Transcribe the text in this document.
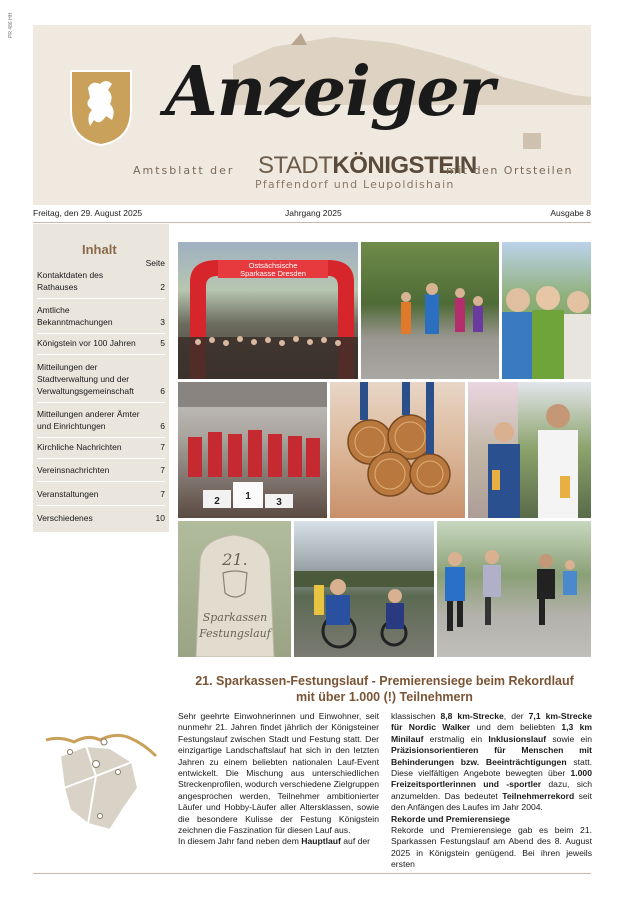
PR 486 HH
Anzeiger
Amtsblatt der STADTKÖNIGSTEIN
mit den Ortsteilen
Pfaffendorf und Leupoldishain
Freitag, den 29. August 2025	Jahrgang 2025	Ausgabe 8
Inhalt
Seite
Kontaktdaten des Rathauses	2
Amtliche Bekanntmachungen	3
Königstein vor 100 Jahren	5
Mitteilungen der Stadtverwaltung und der Verwaltungsgemeinschaft	6
Mitteilungen anderer Ämter und Einrichtungen	6
Kirchliche Nachrichten	7
Vereinsnachrichten	7
Veranstaltungen	7
Verschiedenes	10
Ostsächsische
Sparkasse Dresden
2	1
3
21.
Sparkassen
Festungslauf
21. Sparkassen-Festungslauf - Premierensiege beim Rekordlauf
mit über 1.000 (!) Teilnehmern

Sehr geehrte Einwohnerinnen und Einwohner, seit nunmehr 21. Jahren findet jährlich der Königsteiner Festungslauf zwischen Stadt und Festung statt. Der einzigartige Landschaftslauf hat sich in den letzten Jahren zu einem beliebten nationalen Lauf-Event entwickelt. Die Mischung aus unterschiedlichen Streckenprofilen, wodurch verschiedene Zielgruppen angesprochen werden, Teilnehmer ambitionierter Läufer und Hobby-Läufer aller Altersklassen, sowie die besondere Kulisse der Festung Königstein zeichnen die Faszination für diesen Lauf aus.

In diesem Jahr fand neben dem Hauptlauf auf der

klassischen 8,8 km-Strecke, der 7,1 km-Strecke für Nordic Walker und dem beliebten 1,3 km Minilauf erstmalig ein Inklusionslauf sowie ein Präzisionsorientieren für Menschen mit Behinderungen bzw. Beeinträchtigungen statt. Diese vielfältigen Angebote bewegten über 1.000 Freizeitsportlerinnen und -sportler dazu, sich anzumelden. Das bedeutet Teilnehmerrekord seit den Anfängen des Laufes im Jahr 2004.

Rekorde und Premierensiege

Rekorde und Premierensiege gab es beim 21. Sparkassen Festungslauf am Abend des 8. August 2025 in Königstein genügend. Bei ihren jeweils ersten
